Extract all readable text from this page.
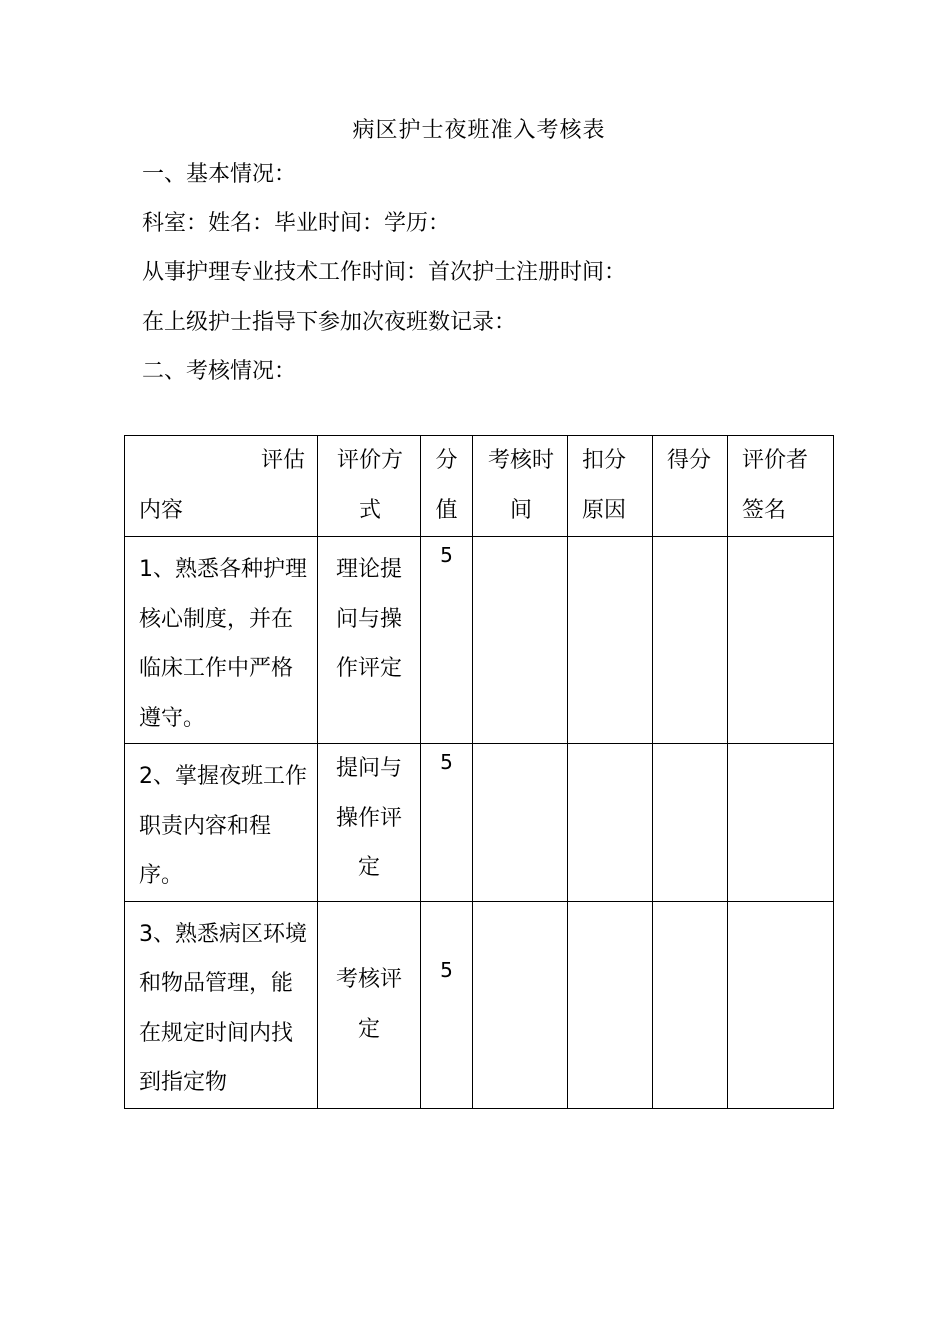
病区护士夜班准入考核表
一、基本情况：
科室：姓名：毕业时间：学历：
从事护理专业技术工作时间：首次护士注册时间：
在上级护士指导下参加次夜班数记录：
二、考核情况：
评估
内容	评价方式	分值	考核时间	扣分原因	得分	评价者签名
1、熟悉各种护理核心制度，并在临床工作中严格遵守。	理论提问与操作评定	5				
2、掌握夜班工作职责内容和程序。	提问与操作评定	5				
3、熟悉病区环境和物品管理，能在规定时间内找到指定物	考核评定	5				
